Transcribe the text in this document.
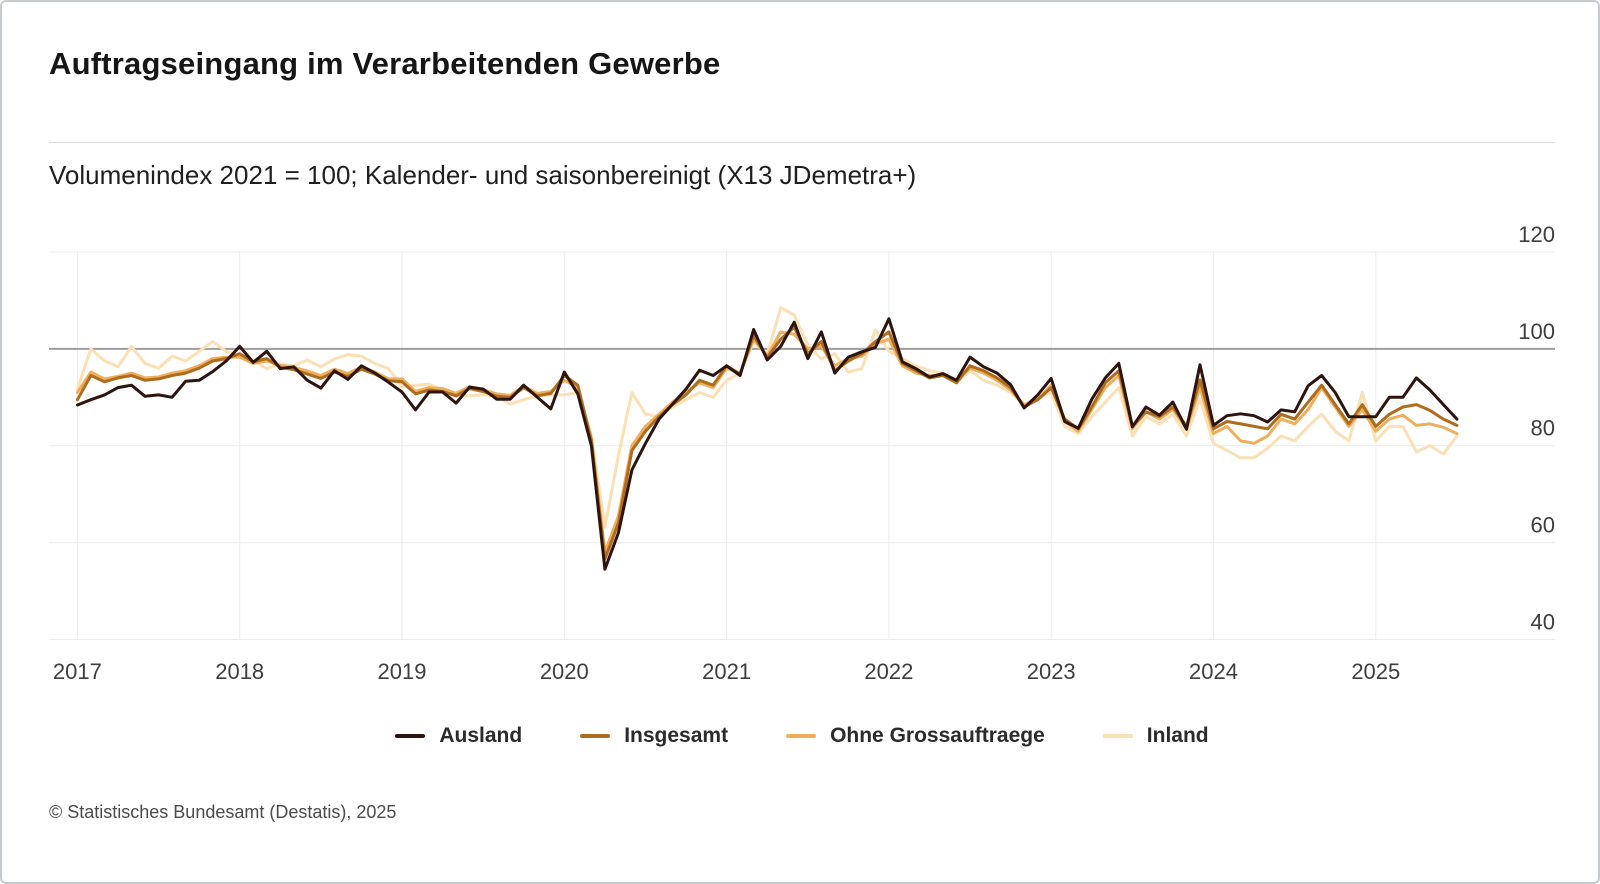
Auftragseingang im Verarbeitenden Gewerbe
Volumenindex 2021 = 100; Kalender- und saisonbereinigt (X13 JDemetra+)
2017	2018	2019	2020	2021	2022	2023	2024	2025
40
60
80
100
120
Ausland	Insgesamt	Ohne Grossauftraege	Inland
© Statistisches Bundesamt (Destatis), 2025
